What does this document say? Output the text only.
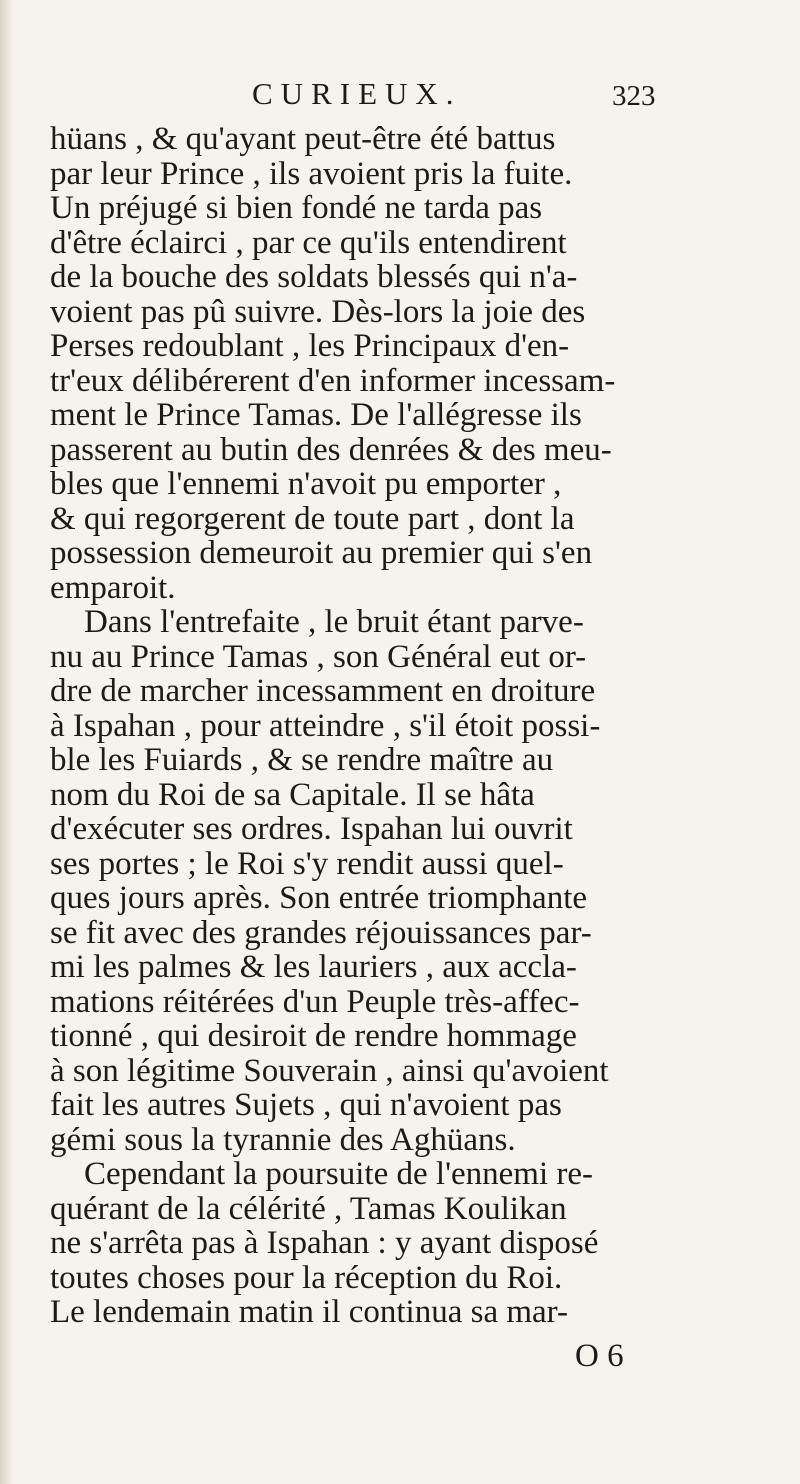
CURIEUX.	323
hüans , & qu'ayant peut-être été battus
par leur Prince , ils avoient pris la fuite.
Un préjugé si bien fondé ne tarda pas
d'être éclairci , par ce qu'ils entendirent
de la bouche des soldats blessés qui n'a-
voient pas pû suivre. Dès-lors la joie des
Perses redoublant , les Principaux d'en-
tr'eux délibérerent d'en informer incessam-
ment le Prince Tamas. De l'allégresse ils
passerent au butin des denrées & des meu-
bles que l'ennemi n'avoit pu emporter ,
& qui regorgerent de toute part , dont la
possession demeuroit au premier qui s'en
emparoit.
Dans l'entrefaite , le bruit étant parve-
nu au Prince Tamas , son Général eut or-
dre de marcher incessamment en droiture
à Ispahan , pour atteindre , s'il étoit possi-
ble les Fuiards , & se rendre maître au
nom du Roi de sa Capitale. Il se hâta
d'exécuter ses ordres. Ispahan lui ouvrit
ses portes ; le Roi s'y rendit aussi quel-
ques jours après. Son entrée triomphante
se fit avec des grandes réjouissances par-
mi les palmes & les lauriers , aux accla-
mations réitérées d'un Peuple très-affec-
tionné , qui desiroit de rendre hommage
à son légitime Souverain , ainsi qu'avoient
fait les autres Sujets , qui n'avoient pas
gémi sous la tyrannie des Aghüans.
Cependant la poursuite de l'ennemi re-
quérant de la célérité , Tamas Koulikan
ne s'arrêta pas à Ispahan : y ayant disposé
toutes choses pour la réception du Roi.
Le lendemain matin il continua sa mar-
O 6
